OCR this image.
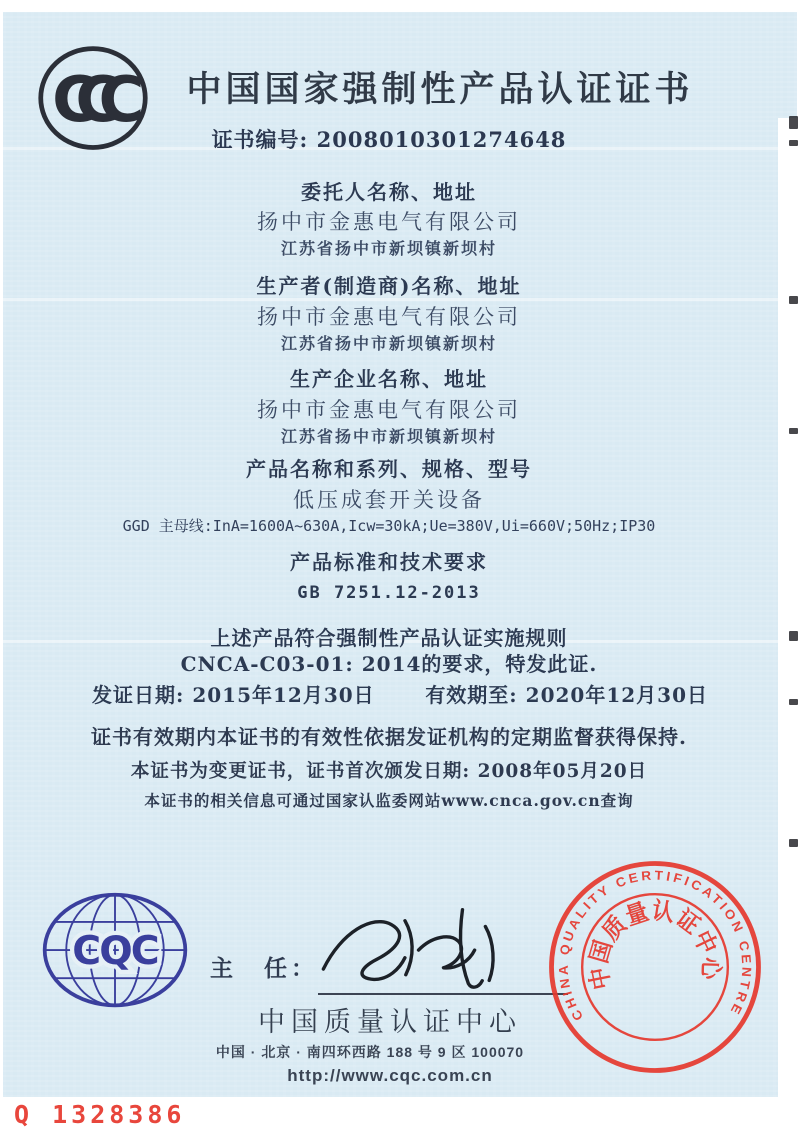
CCC	中国国家强制性产品认证证书
证书编号: 2008010301274648
委托人名称、地址
扬中市金惠电气有限公司
江苏省扬中市新坝镇新坝村
生产者(制造商)名称、地址
扬中市金惠电气有限公司
江苏省扬中市新坝镇新坝村
生产企业名称、地址
扬中市金惠电气有限公司
江苏省扬中市新坝镇新坝村
产品名称和系列、规格、型号
低压成套开关设备
GGD 主母线:InA=1600A~630A,Icw=30kA;Ue=380V,Ui=660V;50Hz;IP30
产品标准和技术要求
GB 7251.12-2013
上述产品符合强制性产品认证实施规则
CNCA-C03-01: 2014的要求，特发此证.
发证日期: 2015年12月30日	有效期至: 2020年12月30日
证书有效期内本证书的有效性依据发证机构的定期监督获得保持.
本证书为变更证书，证书首次颁发日期: 2008年05月20日
本证书的相关信息可通过国家认监委网站www.cnca.gov.cn查询
CQC 主　任：
中国质量认证中心
中国 · 北京 · 南四环西路 188 号 9 区 100070
http://www.cqc.com.cn
CHINA QUALITY CERTIFICATION CENTRE
中国质量认证中心
Q 1328386
